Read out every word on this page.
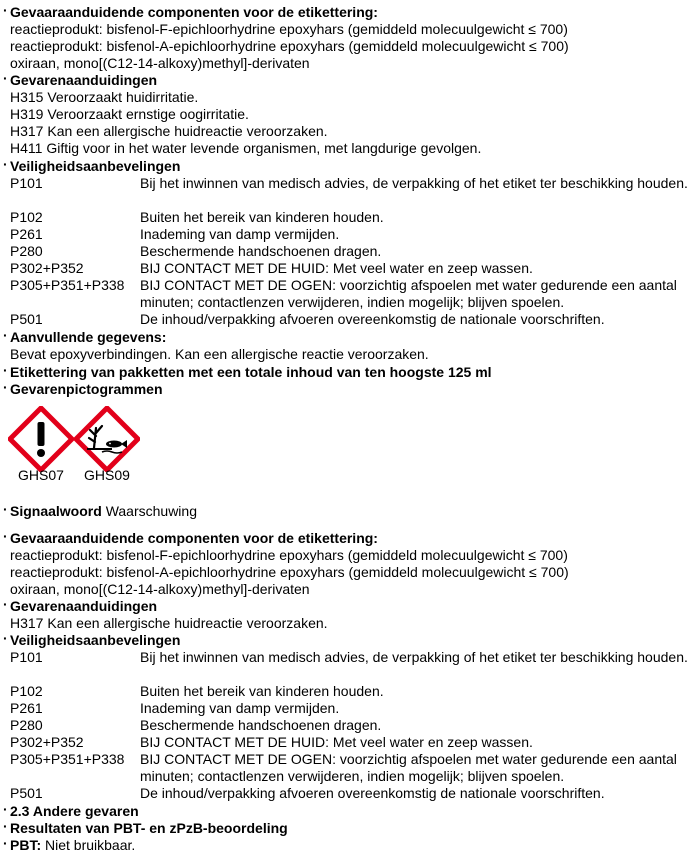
· Gevaaraanduidende componenten voor de etikettering:
reactieprodukt: bisfenol-F-epichloorhydrine epoxyhars (gemiddeld molecuulgewicht ≤ 700)
reactieprodukt: bisfenol-A-epichloorhydrine epoxyhars (gemiddeld molecuulgewicht ≤ 700)
oxiraan, mono[(C12-14-alkoxy)methyl]-derivaten
· Gevarenaanduidingen
H315 Veroorzaakt huidirritatie.
H319 Veroorzaakt ernstige oogirritatie.
H317 Kan een allergische huidreactie veroorzaken.
H411 Giftig voor in het water levende organismen, met langdurige gevolgen.
· Veiligheidsaanbevelingen
P101	Bij het inwinnen van medisch advies, de verpakking of het etiket ter beschikking houden.
P102	Buiten het bereik van kinderen houden.
P261	Inademing van damp vermijden.
P280	Beschermende handschoenen dragen.
P302+P352	BIJ CONTACT MET DE HUID: Met veel water en zeep wassen.
P305+P351+P338 BIJ CONTACT MET DE OGEN: voorzichtig afspoelen met water gedurende een aantal minuten; contactlenzen verwijderen, indien mogelijk; blijven spoelen.
P501	De inhoud/verpakking afvoeren overeenkomstig de nationale voorschriften.
· Aanvullende gegevens:
Bevat epoxyverbindingen. Kan een allergische reactie veroorzaken.
· Etikettering van pakketten met een totale inhoud van ten hoogste 125 ml
· Gevarenpictogrammen
GHS07	GHS09
· Signaalwoord Waarschuwing
· Gevaaraanduidende componenten voor de etikettering:
reactieprodukt: bisfenol-F-epichloorhydrine epoxyhars (gemiddeld molecuulgewicht ≤ 700)
reactieprodukt: bisfenol-A-epichloorhydrine epoxyhars (gemiddeld molecuulgewicht ≤ 700)
oxiraan, mono[(C12-14-alkoxy)methyl]-derivaten
· Gevarenaanduidingen
H317 Kan een allergische huidreactie veroorzaken.
· Veiligheidsaanbevelingen
P101	Bij het inwinnen van medisch advies, de verpakking of het etiket ter beschikking houden.
P102	Buiten het bereik van kinderen houden.
P261	Inademing van damp vermijden.
P280	Beschermende handschoenen dragen.
P302+P352	BIJ CONTACT MET DE HUID: Met veel water en zeep wassen.
P305+P351+P338 BIJ CONTACT MET DE OGEN: voorzichtig afspoelen met water gedurende een aantal minuten; contactlenzen verwijderen, indien mogelijk; blijven spoelen.
P501	De inhoud/verpakking afvoeren overeenkomstig de nationale voorschriften.
· 2.3 Andere gevaren
· Resultaten van PBT- en zPzB-beoordeling
· PBT: Niet bruikbaar.
